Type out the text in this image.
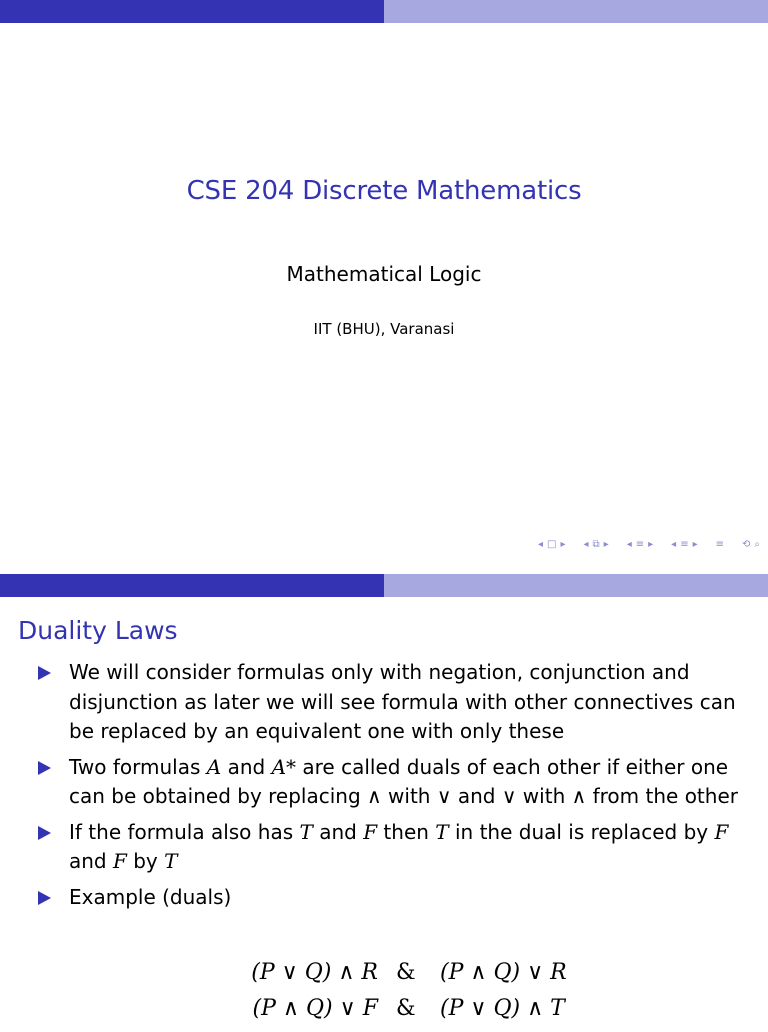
CSE 204 Discrete Mathematics
Mathematical Logic
IIT (BHU), Varanasi
◂ □ ▸ ◂ ⧉ ▸ ◂ ≡ ▸ ◂ ≡ ▸ ≡ ⟲ ⌕
Duality Laws
We will consider formulas only with negation, conjunction and disjunction as later we will see formula with other connectives can be replaced by an equivalent one with only these
Two formulas A and A* are called duals of each other if either one can be obtained by replacing ∧ with ∨ and ∨ with ∧ from the other
If the formula also has T and F then T in the dual is replaced by F and F by T
Example (duals)
(P ∨ Q) ∧ R & (P ∧ Q) ∨ R
(P ∧ Q) ∨ F & (P ∨ Q) ∧ T
